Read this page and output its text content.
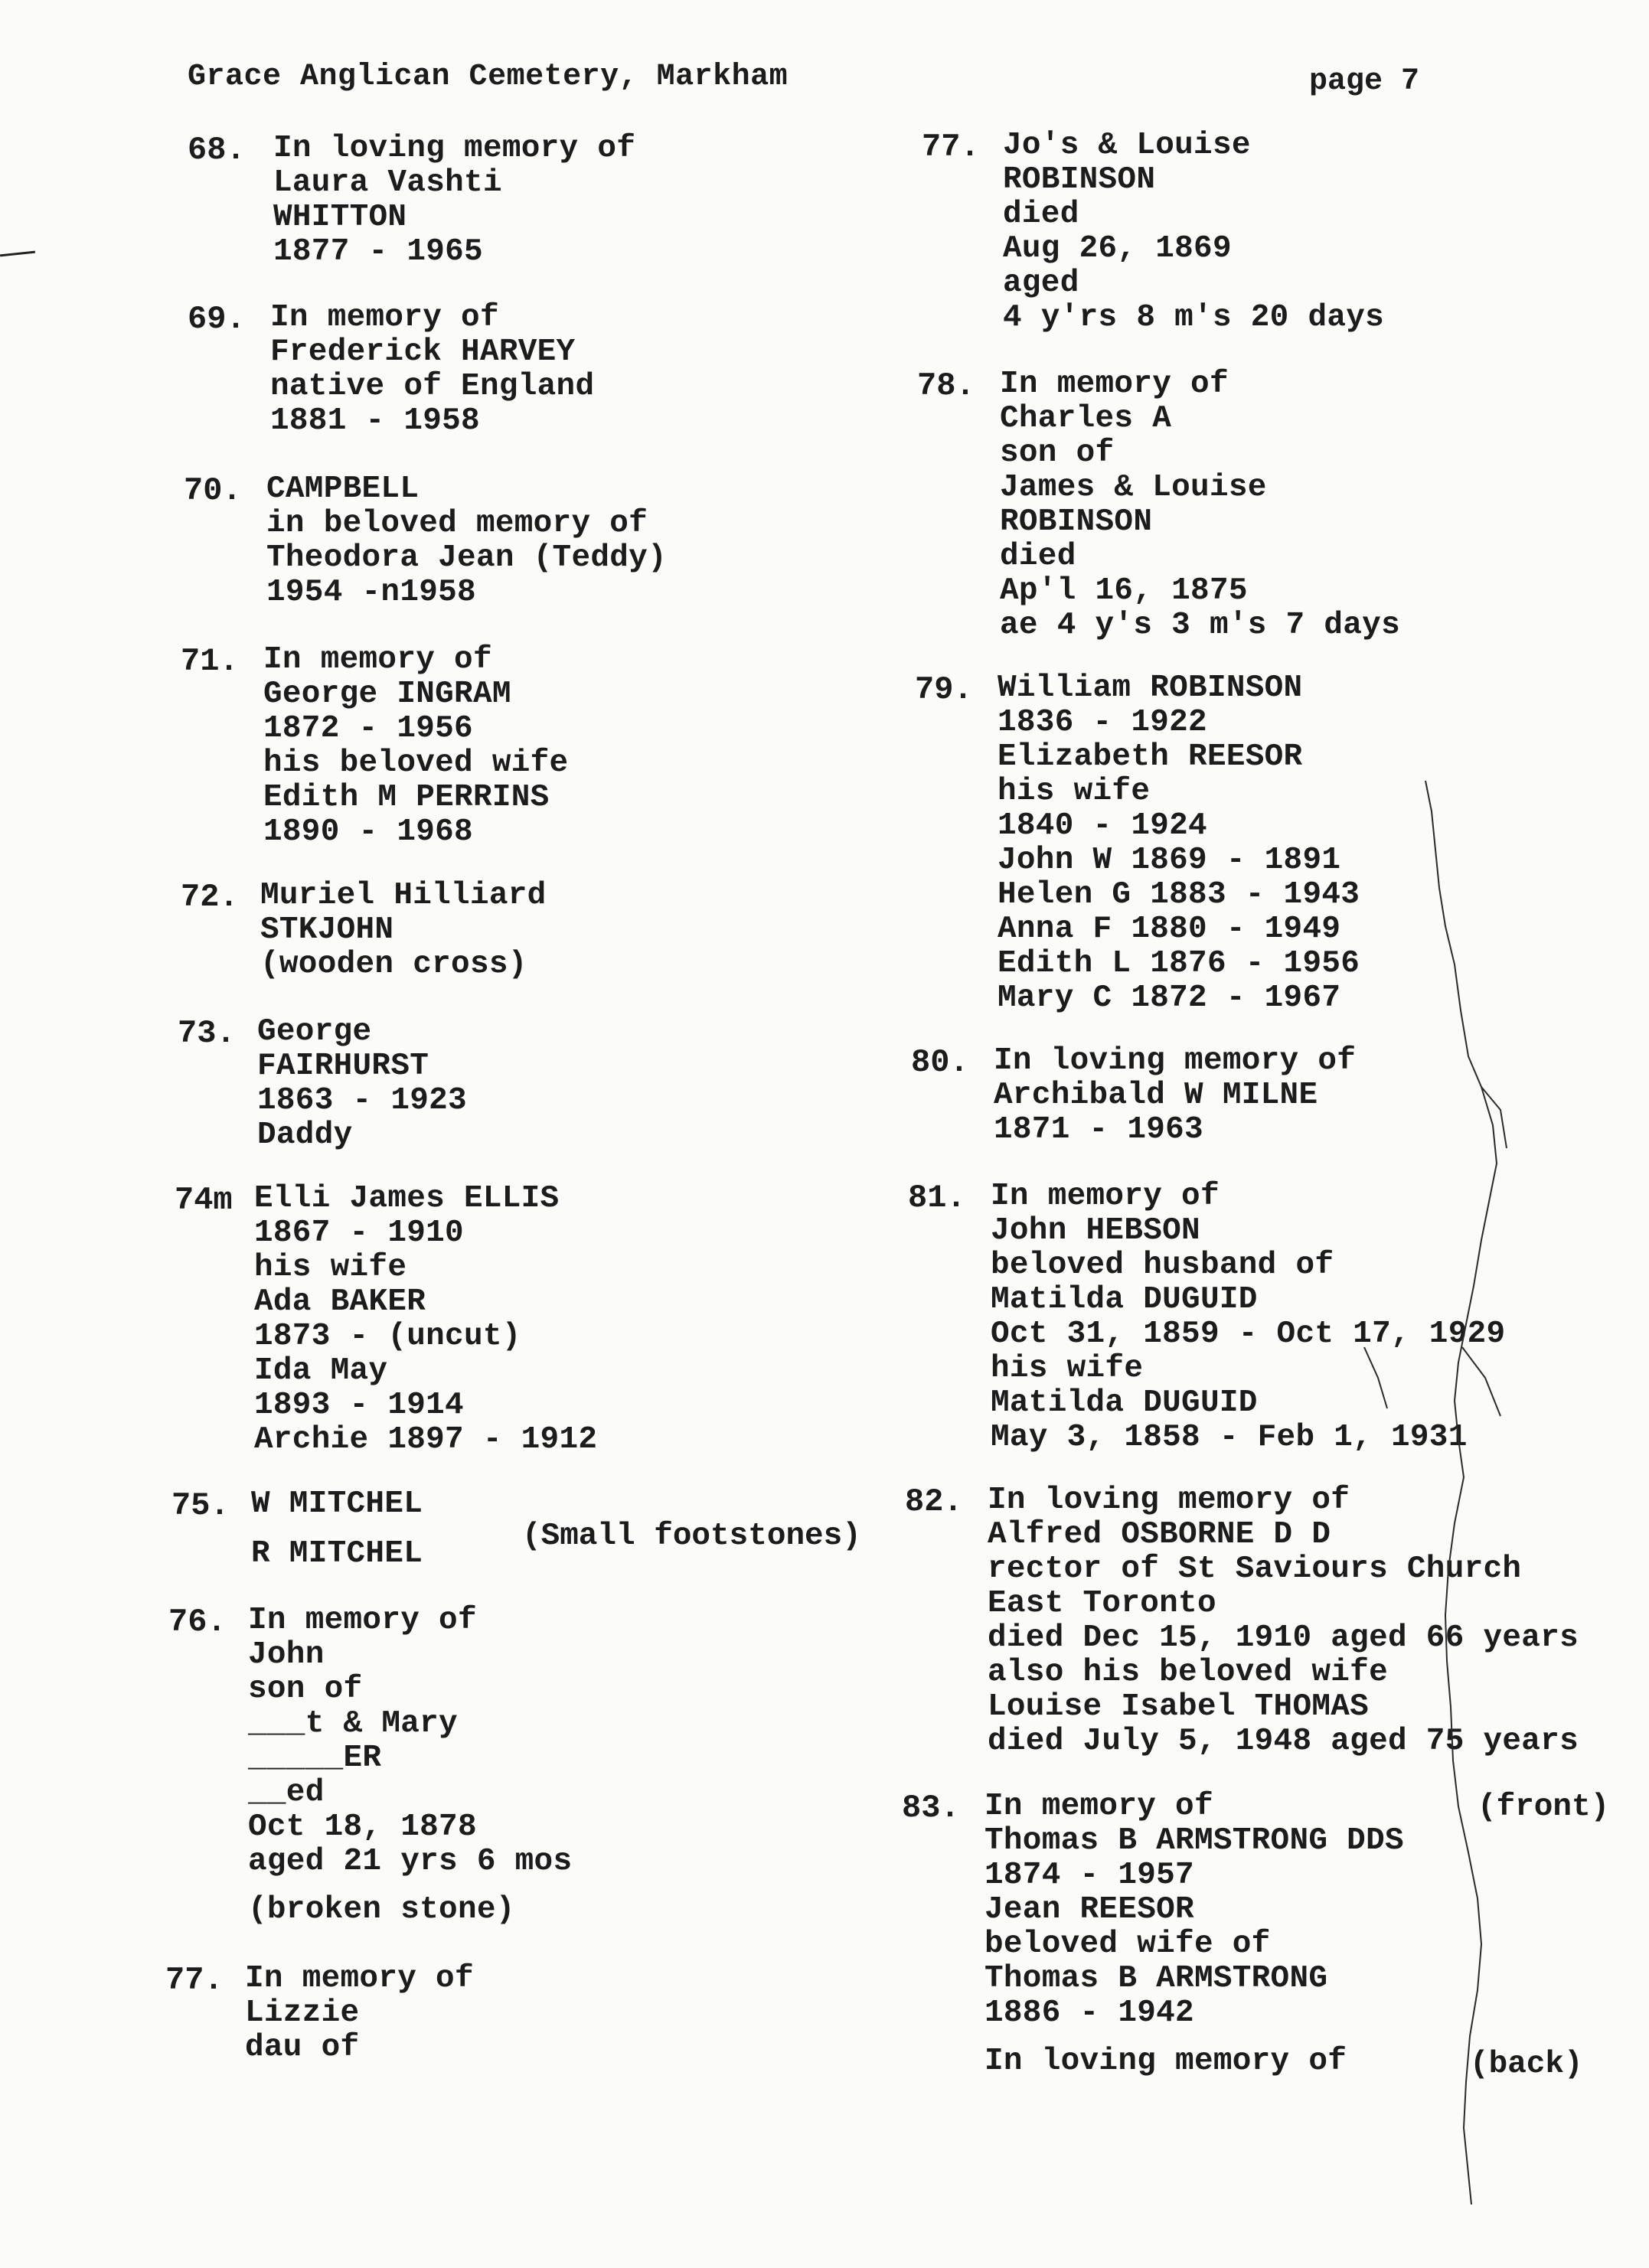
Grace Anglican Cemetery, Markham	page 7
68. In loving memory of
Laura Vashti
WHITTON
1877 - 1965
69. In memory of
Frederick HARVEY
native of England
1881 - 1958
70. CAMPBELL
in beloved memory of
Theodora Jean (Teddy)
1954 -n1958
71. In memory of
George INGRAM
1872 - 1956
his beloved wife
Edith M PERRINS
1890 - 1968
72. Muriel Hilliard
STKJOHN
(wooden cross)
73. George
FAIRHURST
1863 - 1923
Daddy
74m Elli James ELLIS
1867 - 1910
his wife
Ada BAKER
1873 - (uncut)
Ida May
1893 - 1914
Archie 1897 - 1912
75. W MITCHEL
R MITCHEL	(Small footstones)
76. In memory of
John
son of
___t & Mary
_____ER
__ed
Oct 18, 1878
aged 21 yrs 6 mos
(broken stone)
77. In memory of
Lizzie
dau of
77. Jo's & Louise
ROBINSON
died
Aug 26, 1869
aged
4 y'rs 8 m's 20 days
78. In memory of
Charles A
son of
James & Louise
ROBINSON
died
Ap'l 16, 1875
ae 4 y's 3 m's 7 days
79. William ROBINSON
1836 - 1922
Elizabeth REESOR
his wife
1840 - 1924
John W 1869 - 1891
Helen G 1883 - 1943
Anna F 1880 - 1949
Edith L 1876 - 1956
Mary C 1872 - 1967
80. In loving memory of
Archibald W MILNE
1871 - 1963
81. In memory of
John HEBSON
beloved husband of
Matilda DUGUID
Oct 31, 1859 - Oct 17, 1929
his wife
Matilda DUGUID
May 3, 1858 - Feb 1, 1931
82. In loving memory of
Alfred OSBORNE D D
rector of St Saviours Church
East Toronto
died Dec 15, 1910 aged 66 years
also his beloved wife
Louise Isabel THOMAS
died July 5, 1948 aged 75 years
83. In memory of
Thomas B ARMSTRONG DDS
1874 - 1957
Jean REESOR
beloved wife of
Thomas B ARMSTRONG
1886 - 1942
In loving memory of
(front)
(back)
